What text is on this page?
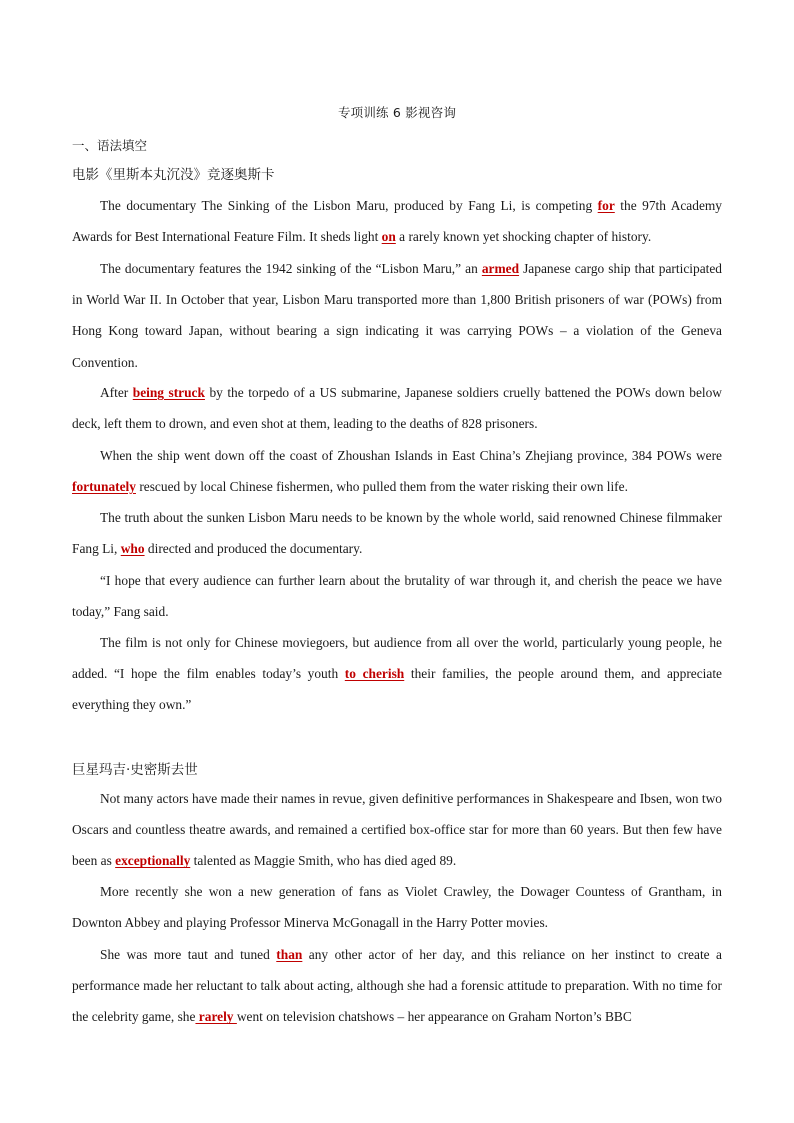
专项训练 6 影视咨询
一、语法填空
电影《里斯本丸沉没》竞逐奥斯卡

The documentary The Sinking of the Lisbon Maru, produced by Fang Li, is competing for the 97th Academy Awards for Best International Feature Film. It sheds light on a rarely known yet shocking chapter of history.

The documentary features the 1942 sinking of the “Lisbon Maru,” an armed Japanese cargo ship that participated in World War II. In October that year, Lisbon Maru transported more than 1,800 British prisoners of war (POWs) from Hong Kong toward Japan, without bearing a sign indicating it was carrying POWs – a violation of the Geneva Convention.

After being struck by the torpedo of a US submarine, Japanese soldiers cruelly battened the POWs down below deck, left them to drown, and even shot at them, leading to the deaths of 828 prisoners.

When the ship went down off the coast of Zhoushan Islands in East China’s Zhejiang province, 384 POWs were fortunately rescued by local Chinese fishermen, who pulled them from the water risking their own life.

The truth about the sunken Lisbon Maru needs to be known by the whole world, said renowned Chinese filmmaker Fang Li, who directed and produced the documentary.

“I hope that every audience can further learn about the brutality of war through it, and cherish the peace we have today,” Fang said.

The film is not only for Chinese moviegoers, but audience from all over the world, particularly young people, he added. “I hope the film enables today’s youth to cherish their families, the people around them, and appreciate everything they own.”

巨星玛吉·史密斯去世

Not many actors have made their names in revue, given definitive performances in Shakespeare and Ibsen, won two Oscars and countless theatre awards, and remained a certified box-office star for more than 60 years. But then few have been as exceptionally talented as Maggie Smith, who has died aged 89.

More recently she won a new generation of fans as Violet Crawley, the Dowager Countess of Grantham, in Downton Abbey and playing Professor Minerva McGonagall in the Harry Potter movies.

She was more taut and tuned than any other actor of her day, and this reliance on her instinct to create a performance made her reluctant to talk about acting, although she had a forensic attitude to preparation. With no time for the celebrity game, she rarely went on television chatshows – her appearance on Graham Norton’s BBC
